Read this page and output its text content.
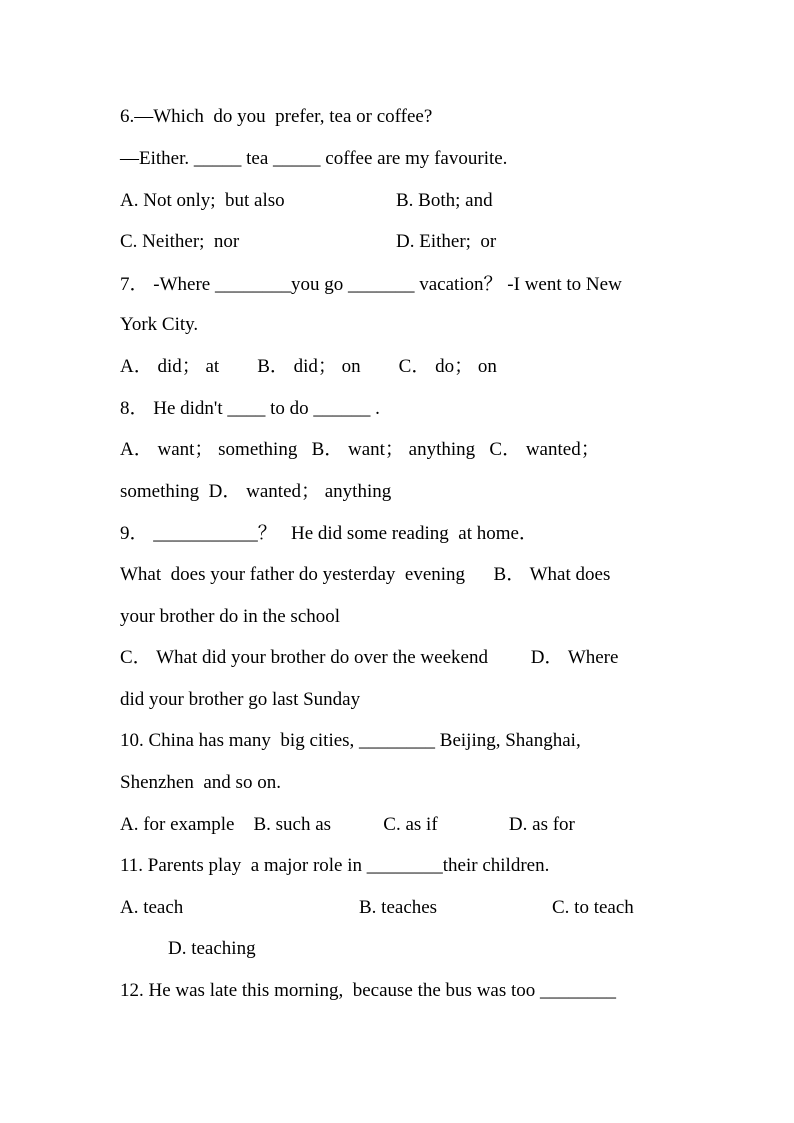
6.—Which  do you  prefer, tea or coffee?
—Either. _____ tea _____ coffee are my favourite.
A. Not only;  but also	B. Both; and
C. Neither;  nor	D. Either;  or
7． -Where ________you go _______ vacation？ -I went to New
York City.
A． did； at        B． did； on        C． do； on
8． He didn't ____ to do ______ .
A． want； something   B． want； anything   C． wanted；
something  D． wanted； anything
9． ___________？   He did some reading  at home．
What  does your father do yesterday  evening      B． What does
your brother do in the school
C． What did your brother do over the weekend         D． Where
did your brother go last Sunday
10. China has many  big cities, ________ Beijing, Shanghai,
Shenzhen  and so on.
A. for example    B. such as           C. as if               D. as for
11. Parents play  a major role in ________their children.
A. teach	B. teaches	C. to teach
D. teaching
12. He was late this morning,  because the bus was too ________
